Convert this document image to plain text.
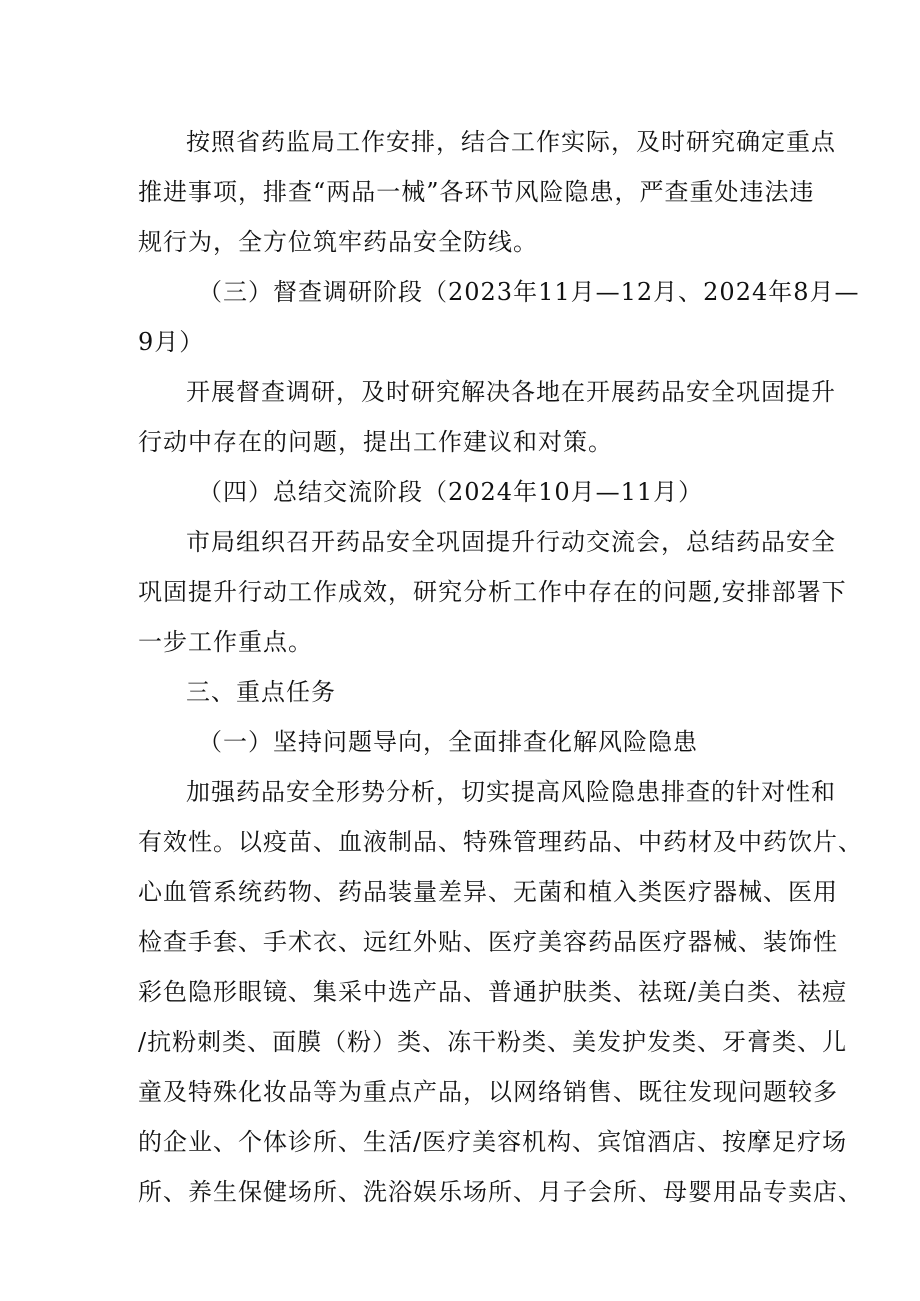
按照省药监局工作安排，结合工作实际，及时研究确定重点
推进事项，排查“两品一械”各环节风险隐患，严查重处违法违
规行为，全方位筑牢药品安全防线。
（三）督查调研阶段（2023年11月—12月、2024年8月—
9月）
开展督查调研，及时研究解决各地在开展药品安全巩固提升
行动中存在的问题，提出工作建议和对策。
（四）总结交流阶段（2024年10月—11月）
市局组织召开药品安全巩固提升行动交流会，总结药品安全
巩固提升行动工作成效，研究分析工作中存在的问题,安排部署下
一步工作重点。
三、重点任务
（一）坚持问题导向，全面排查化解风险隐患
加强药品安全形势分析，切实提高风险隐患排查的针对性和
有效性。以疫苗、血液制品、特殊管理药品、中药材及中药饮片、
心血管系统药物、药品装量差异、无菌和植入类医疗器械、医用
检查手套、手术衣、远红外贴、医疗美容药品医疗器械、装饰性
彩色隐形眼镜、集采中选产品、普通护肤类、祛斑/美白类、祛痘
/抗粉刺类、面膜（粉）类、冻干粉类、美发护发类、牙膏类、儿
童及特殊化妆品等为重点产品，以网络销售、既往发现问题较多
的企业、个体诊所、生活/医疗美容机构、宾馆酒店、按摩足疗场
所、养生保健场所、洗浴娱乐场所、月子会所、母婴用品专卖店、
